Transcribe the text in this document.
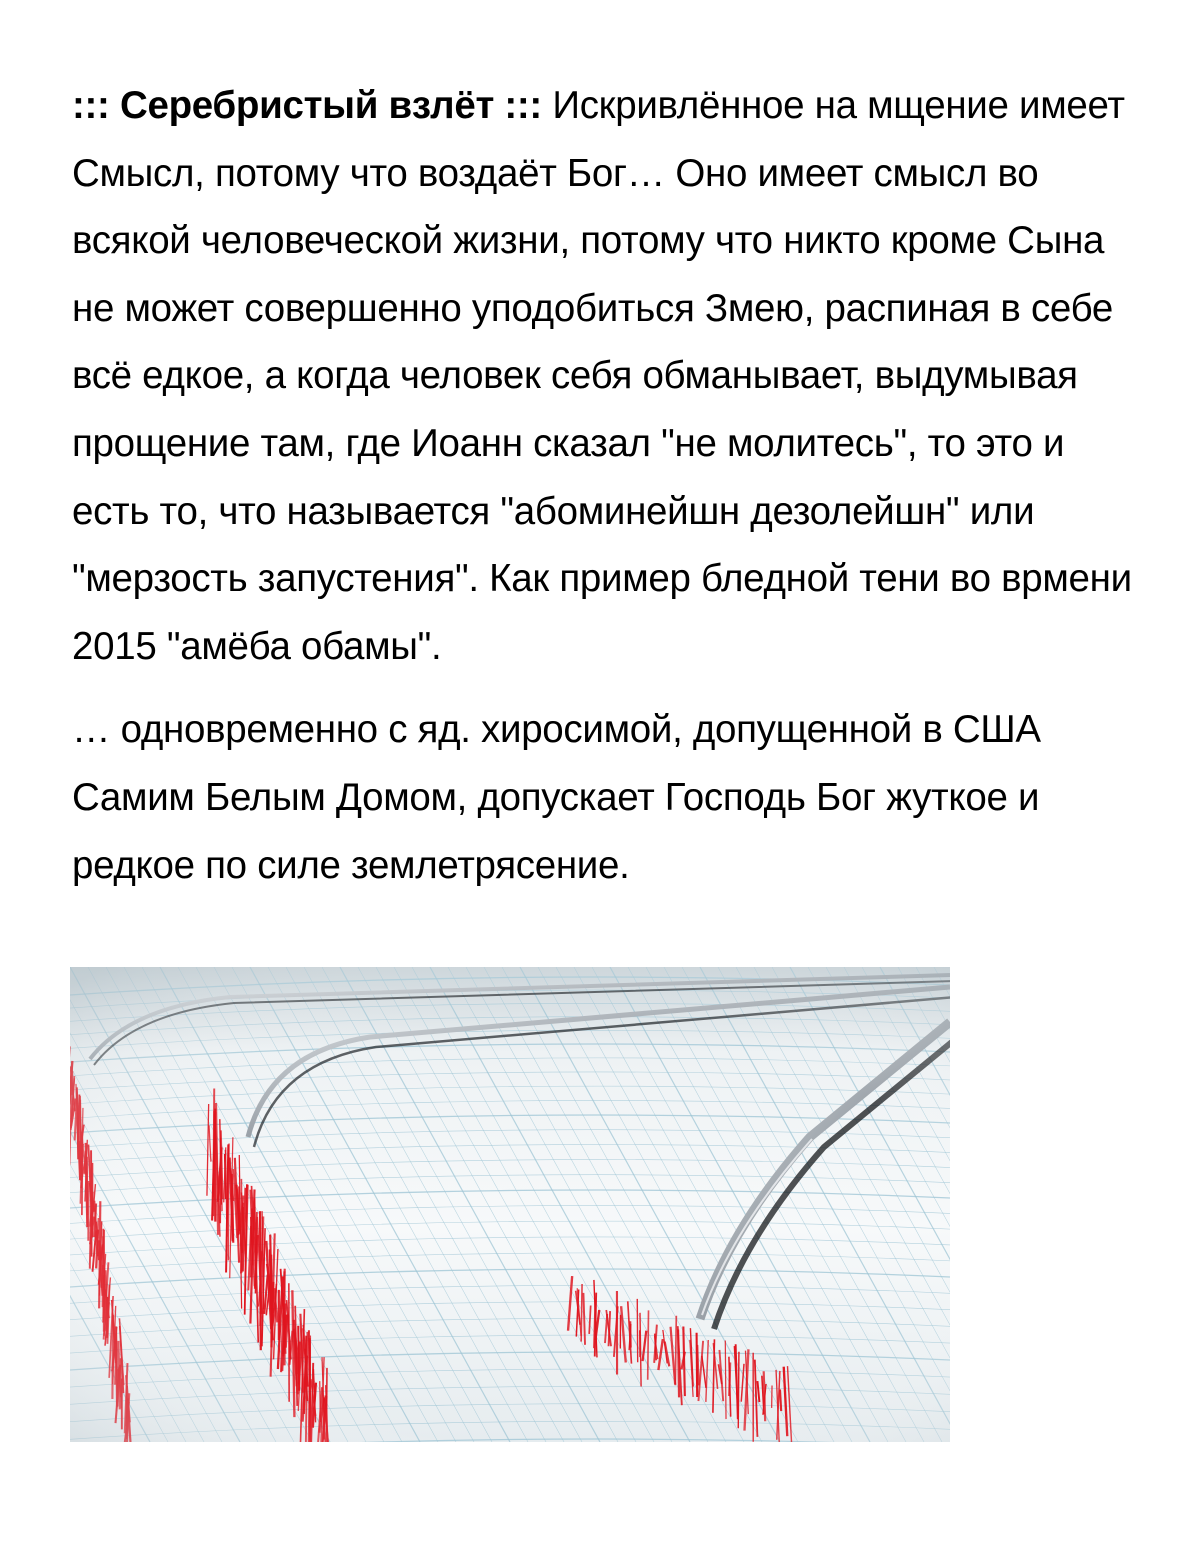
::: Серебристый взлёт ::: Искривлённое на мщение имеет Смысл, потому что воздаёт Бог… Оно имеет смысл во всякой человеческой жизни, потому что никто кроме Сына не может совершенно уподобиться Змею, распиная в себе всё едкое, а когда человек себя обманывает, выдумывая прощение там, где Иоанн сказал "не молитесь", то это и есть то, что называется "абоминейшн дезолейшн" или "мерзость запустения". Как пример бледной тени во врмени 2015 "амёба обамы".

… одновременно с яд. хиросимой, допущенной в США Самим Белым Домом, допускает Господь Бог жуткое и редкое по силе землетрясение.
